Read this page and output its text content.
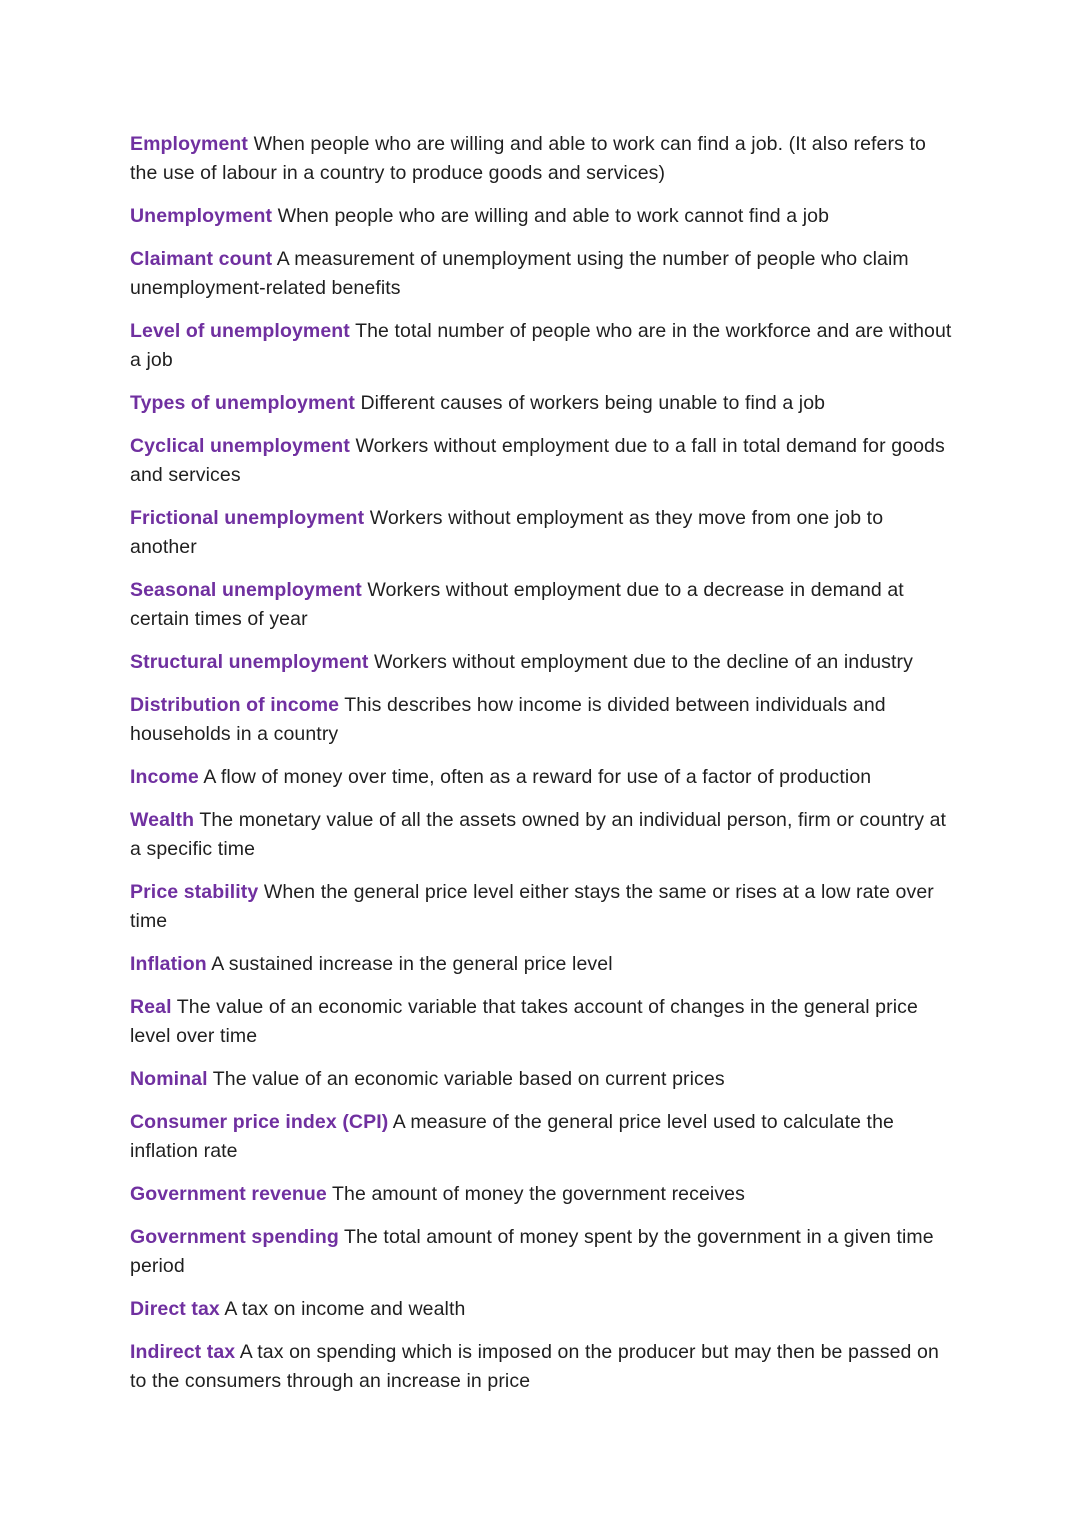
Employment When people who are willing and able to work can find a job. (It also refers to the use of labour in a country to produce goods and services)
Unemployment When people who are willing and able to work cannot find a job
Claimant count A measurement of unemployment using the number of people who claim unemployment-related benefits
Level of unemployment The total number of people who are in the workforce and are without a job
Types of unemployment Different causes of workers being unable to find a job
Cyclical unemployment Workers without employment due to a fall in total demand for goods and services
Frictional unemployment Workers without employment as they move from one job to another
Seasonal unemployment Workers without employment due to a decrease in demand at certain times of year
Structural unemployment Workers without employment due to the decline of an industry
Distribution of income This describes how income is divided between individuals and households in a country
Income A flow of money over time, often as a reward for use of a factor of production
Wealth The monetary value of all the assets owned by an individual person, firm or country at a specific time
Price stability When the general price level either stays the same or rises at a low rate over time
Inflation A sustained increase in the general price level
Real The value of an economic variable that takes account of changes in the general price level over time
Nominal The value of an economic variable based on current prices
Consumer price index (CPI) A measure of the general price level used to calculate the inflation rate
Government revenue The amount of money the government receives
Government spending The total amount of money spent by the government in a given time period
Direct tax A tax on income and wealth
Indirect tax A tax on spending which is imposed on the producer but may then be passed on to the consumers through an increase in price
